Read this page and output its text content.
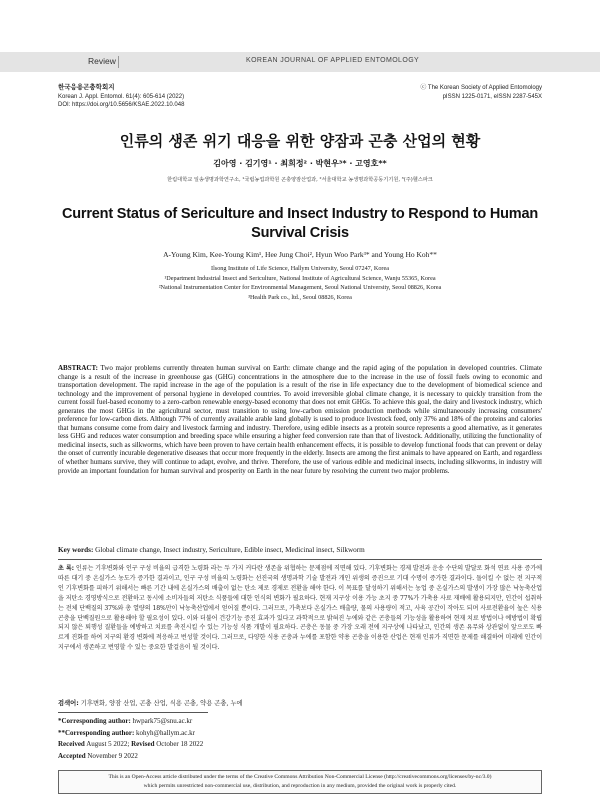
Review	KOREAN JOURNAL OF APPLIED ENTOMOLOGY
한국응용곤충학회지
Korean J. Appl. Entomol. 61(4): 605-614 (2022)
DOI: https://doi.org/10.5656/KSAE.2022.10.048
ⓒ The Korean Society of Applied Entomology
pISSN 1225-0171, eISSN 2287-545X
인류의 생존 위기 대응을 위한 양잠과 곤충 산업의 현황
김아영 · 김기영¹ · 최희정² · 박현우³* · 고영호**
한림대학교 일송생명과학연구소, ¹국립농업과학원 곤충양잠산업과, ²서울대학교 농생명과학공동기기원, ³(주)헬스파크
Current Status of Sericulture and Insect Industry to Respond to Human Survival Crisis
A-Young Kim, Kee-Young Kim¹, Hee Jung Choi², Hyun Woo Park³* and Young Ho Koh**
Ilsong Institute of Life Science, Hallym University, Seoul 07247, Korea
¹Department Industrial Insect and Sericulture, National Institute of Agricultural Science, Wanju 55365, Korea
²National Instrumentation Center for Environmental Management, Seoul National University, Seoul 08826, Korea
³Health Park co., ltd., Seoul 08826, Korea
ABSTRACT: Two major problems currently threaten human survival on Earth: climate change and the rapid aging of the population in developed countries. Climate change is a result of the increase in greenhouse gas (GHG) concentrations in the atmosphere due to the increase in the use of fossil fuels owing to economic and transportation development. The rapid increase in the age of the population is a result of the rise in life expectancy due to the development of biomedical science and technology and the improvement of personal hygiene in developed countries. To avoid irreversible global climate change, it is necessary to quickly transition from the current fossil fuel-based economy to a zero-carbon renewable energy-based economy that does not emit GHGs. To achieve this goal, the dairy and livestock industry, which generates the most GHGs in the agricultural sector, must transition to using low-carbon emission production methods while simultaneously increasing consumers' preference for low-carbon diets. Although 77% of currently available arable land globally is used to produce livestock feed, only 37% and 18% of the proteins and calories that humans consume come from dairy and livestock farming and industry. Therefore, using edible insects as a protein source represents a good alternative, as it generates less GHG and reduces water consumption and breeding space while ensuring a higher feed conversion rate than that of livestock. Additionally, utilizing the functionality of medicinal insects, such as silkworms, which have been proven to have certain health enhancement effects, it is possible to develop functional foods that can prevent or delay the onset of currently incurable degenerative diseases that occur more frequently in the elderly. Insects are among the first animals to have appeared on Earth, and regardless of whether humans survive, they will continue to adapt, evolve, and thrive. Therefore, the use of various edible and medicinal insects, including silkworms, in industry will provide an important foundation for human survival and prosperity on Earth in the near future by resolving the current two major problems.
Key words: Global climate change, Insect industry, Sericulture, Edible insect, Medicinal insect, Silkworm
초 록: 인류는 기후변화와 인구 구성 비율의 급격한 노령화 라는 두 가지 커다란 생존을 위협하는 문제점에 직면해 있다. 기후변화는 경제 발전과 운송 수단의 발달로 화석 연료 사용 증가에 따른 대기 중 온실가스 농도가 증가한 결과이고, 인구 구성 비율의 노령화는 선진국의 생명과학 기술 발전과 개인 위생의 증진으로 기대 수명이 증가한 결과이다. 돌이킬 수 없는 전 지구적인 기후변화를 피하기 위해서는 빠른 기간 내에 온실가스의 배출이 없는 탄소 제로 경제로 전환을 해야 한다. 이 목표를 달성하기 위해서는 농업 중 온실가스의 발생이 가장 많은 낙농축산업을 저탄소 경영방식으로 전환하고 동시에 소비자들의 저탄소 식품들에 대한 인식의 변화가 필요하다. 현재 지구상 이용 가능 초지 중 77%가 가축용 사료 재배에 활용되지만, 인간이 섭취하는 전체 단백질의 37%와 총 열량의 18%만이 낙농축산업에서 얻어질 뿐이다. 그러므로, 가축보다 온실가스 배출량, 물의 사용량이 적고, 사육 공간이 작아도 되며 사료전환율이 높은 식용 곤충을 단백질원으로 활용해야 할 필요성이 있다. 이와 더불어 건강기능 증진 효과가 있다고 과학적으로 밝혀진 누에와 같은 곤충들의 기능성을 활용하여 현재 치료 방법이나 예방법이 확립되지 않은 퇴행성 질환들을 예방하고 치료를 촉진시킬 수 있는 기능성 식품 개발이 필요하다. 곤충은 동물 중 가장 오래 전에 지구상에 나타났고, 인간의 생존 유무와 상관없이 앞으로도 빠르게 진화를 하여 지구의 환경 변화에 적응하고 번성할 것이다. 그러므로, 다양한 식용 곤충과 누에를 포함한 약용 곤충을 이용한 산업은 현재 인류가 직면한 문제를 해결하여 미래에 인간이 지구에서 생존하고 번영할 수 있는 중요한 발걸음이 될 것이다.
검색어: 기후변화, 양잠 산업, 곤충 산업, 식용 곤충, 약용 곤충, 누에
*Corresponding author: hwpark75@snu.ac.kr
**Corresponding author: kohyh@hallym.ac.kr
Received August 5 2022; Revised October 18 2022
Accepted November 9 2022
This is an Open-Access article distributed under the terms of the Creative Commons Attribution Non-Commercial License (http://creativecommons.org/licenses/by-nc/3.0)
which permits unrestricted non-commercial use, distribution, and reproduction in any medium, provided the original work is properly cited.
